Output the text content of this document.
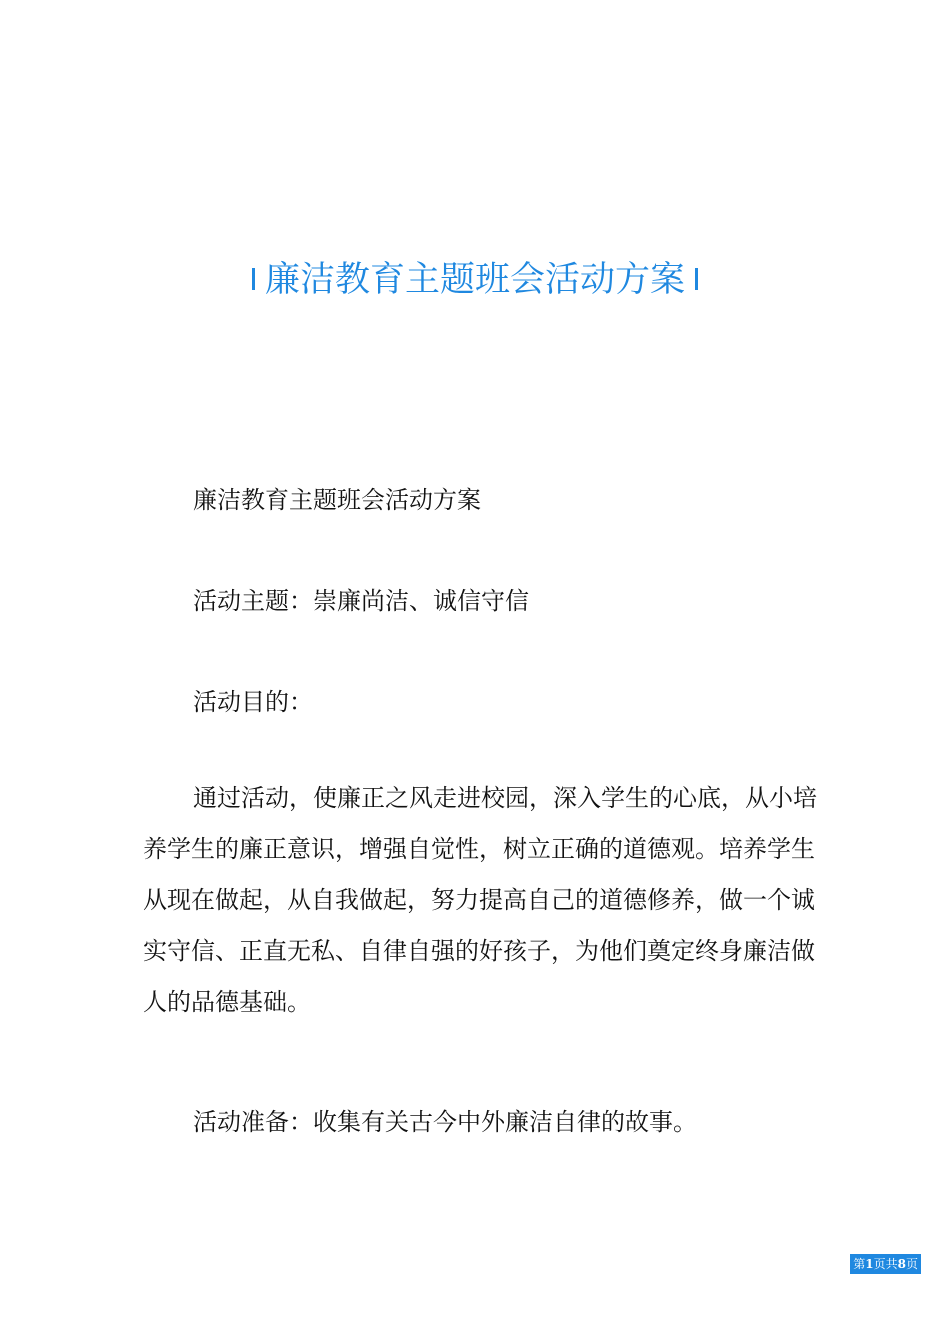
廉洁教育主题班会活动方案

廉洁教育主题班会活动方案

活动主题：崇廉尚洁、诚信守信

活动目的：

通过活动，使廉正之风走进校园，深入学生的心底，从小培养学生的廉正意识，增强自觉性，树立正确的道德观。培养学生从现在做起，从自我做起，努力提高自己的道德修养，做一个诚实守信、正直无私、自律自强的好孩子，为他们奠定终身廉洁做人的品德基础。

活动准备：收集有关古今中外廉洁自律的故事。

第1页共8页
